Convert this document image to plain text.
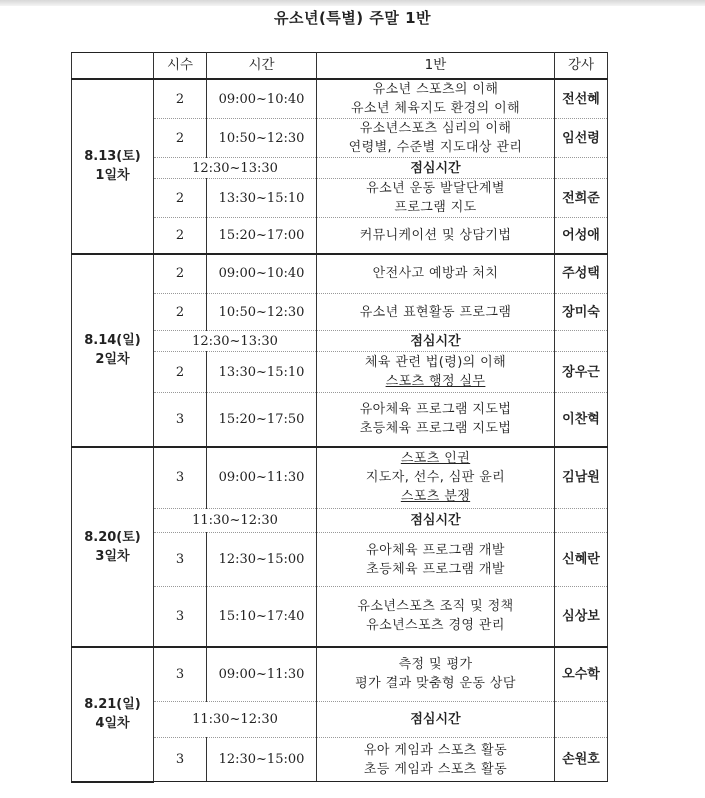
유소년(특별) 주말 1반
	시수	시간	1반	강사

8.13(토)
1일차	2	09:00~10:40	유소년 스포츠의 이해
유소년 체육지도 환경의 이해	전선혜
	2	10:50~12:30	유소년스포츠 심리의 이해
연령별, 수준별 지도대상 관리	임선령
	12:30~13:30		점심시간	
	2	13:30~15:10	유소년 운동 발달단계별
프로그램 지도	전희준
	2	15:20~17:00	커뮤니케이션 및 상담기법	어성애

8.14(일)
2일차	2	09:00~10:40	안전사고 예방과 처치	주성택
	2	10:50~12:30	유소년 표현활동 프로그램	장미숙
	12:30~13:30		점심시간	
	2	13:30~15:10	체육 관련 법(령)의 이해
스포츠 행정 실무	장우근
	3	15:20~17:50	유아체육 프로그램 지도법
초등체육 프로그램 지도법	이찬혁

8.20(토)
3일차	3	09:00~11:30	스포츠 인권
지도자, 선수, 심판 윤리
스포츠 분쟁	김남원
	11:30~12:30		점심시간	
	3	12:30~15:00	유아체육 프로그램 개발
초등체육 프로그램 개발	신혜란
	3	15:10~17:40	유소년스포츠 조직 및 정책
유소년스포츠 경영 관리	심상보

8.21(일)
4일차	3	09:00~11:30	측정 및 평가
평가 결과 맞춤형 운동 상담	오수학
	11:30~12:30		점심시간	
	3	12:30~15:00	유아 게임과 스포츠 활동
초등 게임과 스포츠 활동	손원호
